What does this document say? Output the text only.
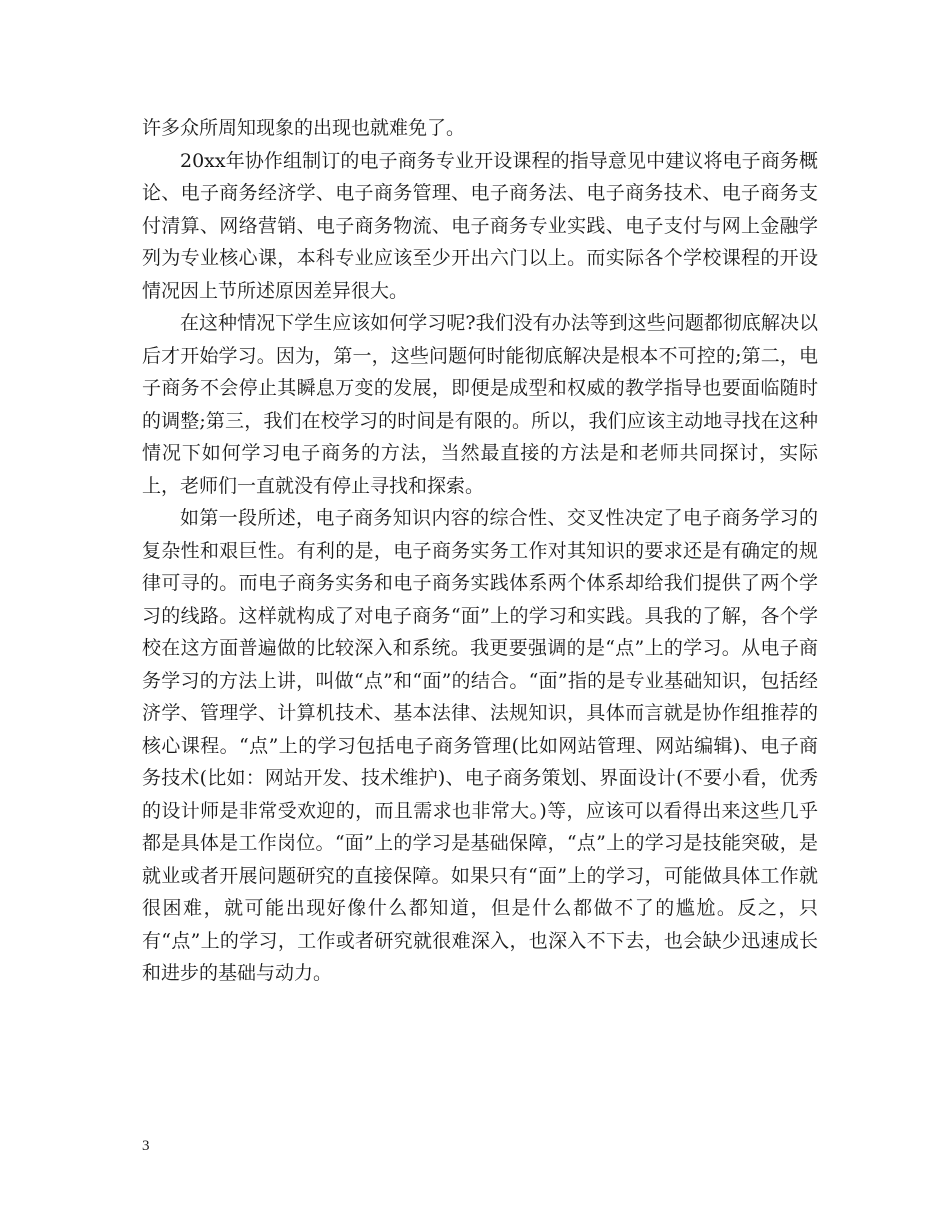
许多众所周知现象的出现也就难免了。

20xx年协作组制订的电子商务专业开设课程的指导意见中建议将电子商务概论、电子商务经济学、电子商务管理、电子商务法、电子商务技术、电子商务支付清算、网络营销、电子商务物流、电子商务专业实践、电子支付与网上金融学列为专业核心课，本科专业应该至少开出六门以上。而实际各个学校课程的开设情况因上节所述原因差异很大。

在这种情况下学生应该如何学习呢?我们没有办法等到这些问题都彻底解决以后才开始学习。因为，第一，这些问题何时能彻底解决是根本不可控的;第二，电子商务不会停止其瞬息万变的发展，即便是成型和权威的教学指导也要面临随时的调整;第三，我们在校学习的时间是有限的。所以，我们应该主动地寻找在这种情况下如何学习电子商务的方法，当然最直接的方法是和老师共同探讨，实际上，老师们一直就没有停止寻找和探索。

如第一段所述，电子商务知识内容的综合性、交叉性决定了电子商务学习的复杂性和艰巨性。有利的是，电子商务实务工作对其知识的要求还是有确定的规律可寻的。而电子商务实务和电子商务实践体系两个体系却给我们提供了两个学习的线路。这样就构成了对电子商务“面”上的学习和实践。具我的了解，各个学校在这方面普遍做的比较深入和系统。我更要强调的是“点”上的学习。从电子商务学习的方法上讲，叫做“点”和“面”的结合。“面”指的是专业基础知识，包括经济学、管理学、计算机技术、基本法律、法规知识，具体而言就是协作组推荐的核心课程。“点”上的学习包括电子商务管理(比如网站管理、网站编辑)、电子商务技术(比如：网站开发、技术维护)、电子商务策划、界面设计(不要小看，优秀的设计师是非常受欢迎的，而且需求也非常大。)等，应该可以看得出来这些几乎都是具体是工作岗位。“面”上的学习是基础保障，“点”上的学习是技能突破，是就业或者开展问题研究的直接保障。如果只有“面”上的学习，可能做具体工作就很困难，就可能出现好像什么都知道，但是什么都做不了的尴尬。反之，只有“点”上的学习，工作或者研究就很难深入，也深入不下去，也会缺少迅速成长和进步的基础与动力。

3
